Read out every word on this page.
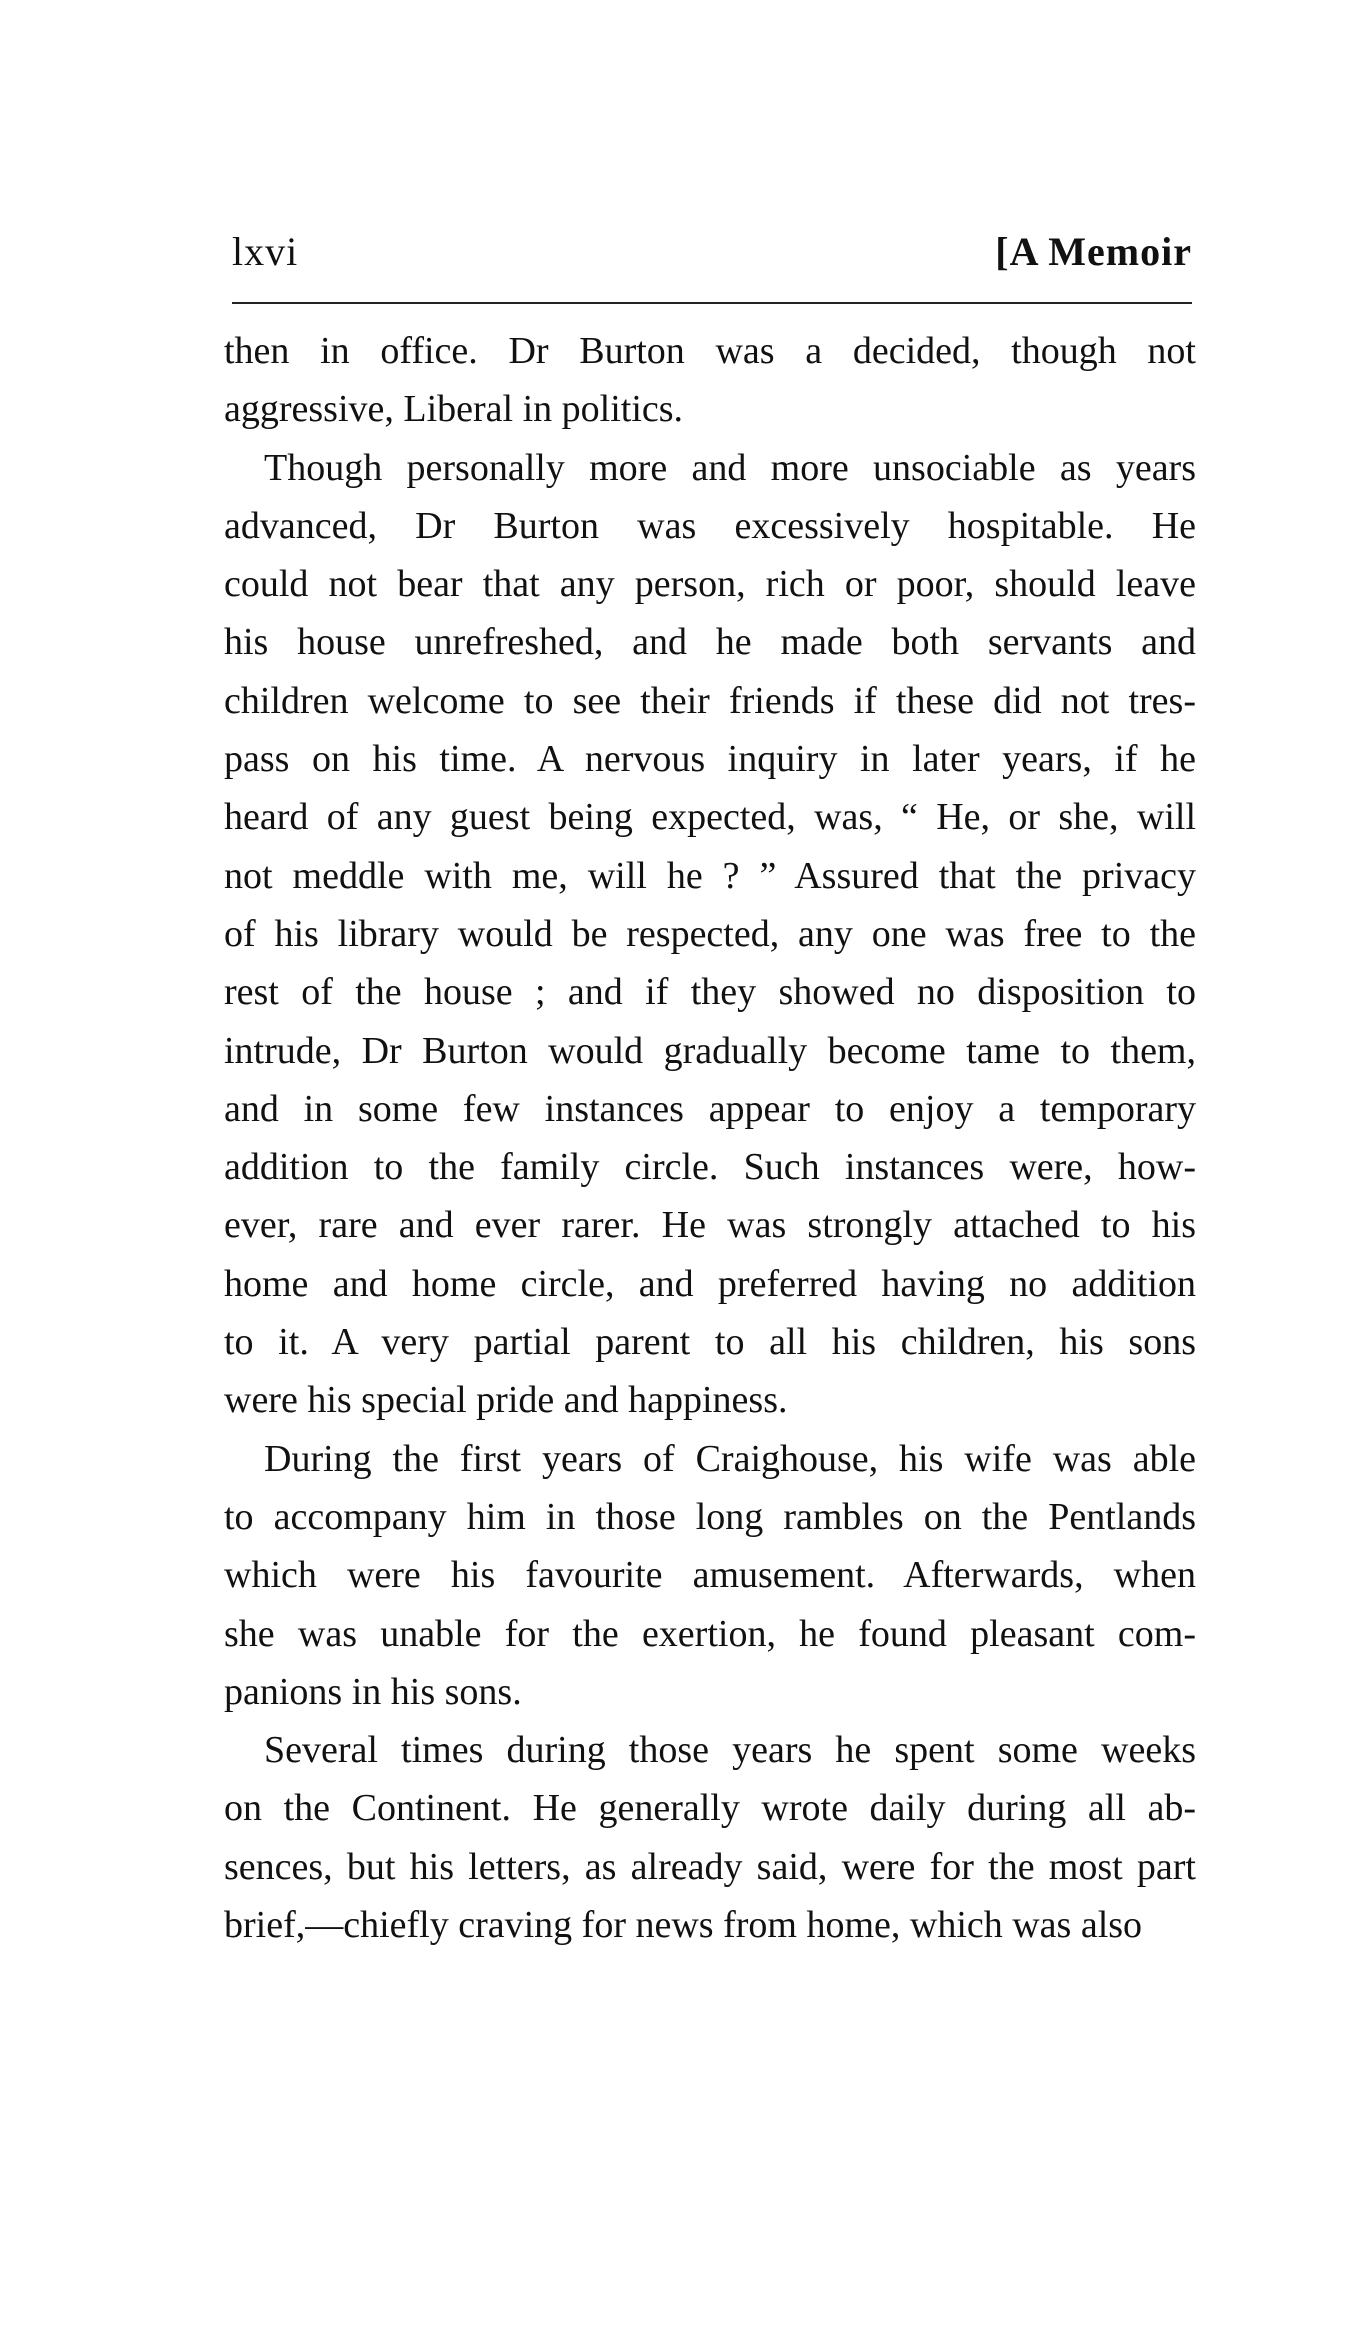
lxvi	[A Memoir
then in office. Dr Burton was a decided, though not
aggressive, Liberal in politics.
Though personally more and more unsociable as years
advanced, Dr Burton was excessively hospitable. He
could not bear that any person, rich or poor, should leave
his house unrefreshed, and he made both servants and
children welcome to see their friends if these did not tres-
pass on his time. A nervous inquiry in later years, if he
heard of any guest being expected, was, “ He, or she, will
not meddle with me, will he ? ” Assured that the privacy
of his library would be respected, any one was free to the
rest of the house ; and if they showed no disposition to
intrude, Dr Burton would gradually become tame to them,
and in some few instances appear to enjoy a temporary
addition to the family circle. Such instances were, how-
ever, rare and ever rarer. He was strongly attached to his
home and home circle, and preferred having no addition
to it. A very partial parent to all his children, his sons
were his special pride and happiness.
During the first years of Craighouse, his wife was able
to accompany him in those long rambles on the Pentlands
which were his favourite amusement. Afterwards, when
she was unable for the exertion, he found pleasant com-
panions in his sons.
Several times during those years he spent some weeks
on the Continent. He generally wrote daily during all ab-
sences, but his letters, as already said, were for the most part
brief,—chiefly craving for news from home, which was also
